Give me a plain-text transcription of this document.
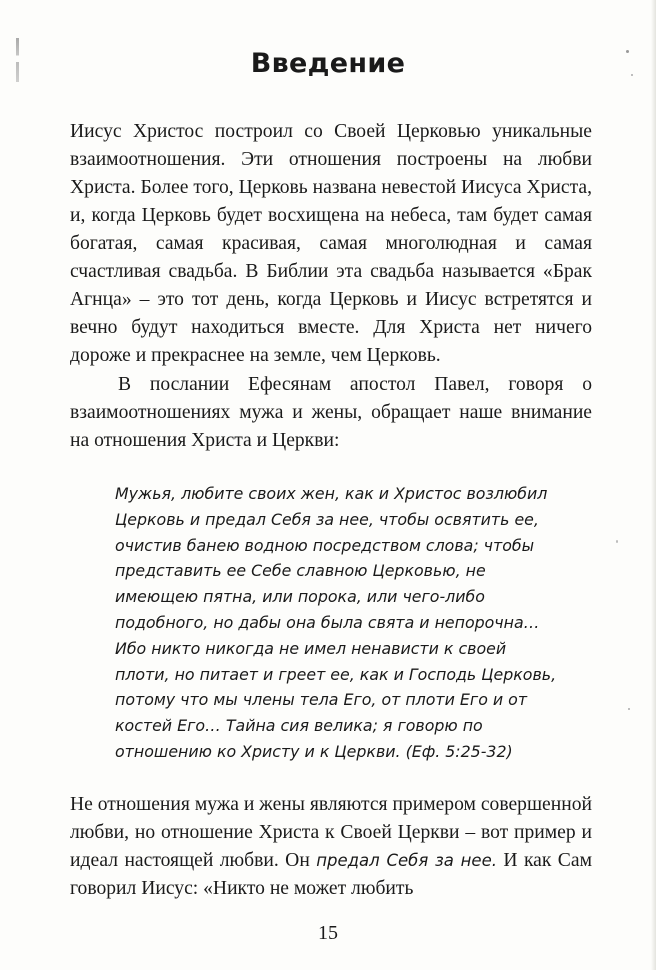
Введение

Иисус Христос построил со Своей Церковью уникальные взаимоотношения. Эти отношения построены на любви Христа. Более того, Церковь названа невестой Иисуса Христа, и, когда Церковь будет восхищена на небеса, там будет самая богатая, самая красивая, самая многолюдная и самая счастливая свадьба. В Библии эта свадьба называется «Брак Агнца» – это тот день, когда Церковь и Иисус встретятся и вечно будут находиться вместе. Для Христа нет ничего дороже и прекраснее на земле, чем Церковь.

В послании Ефесянам апостол Павел, говоря о взаимоотношениях мужа и жены, обращает наше внимание на отношения Христа и Церкви:

Мужья, любите своих жен, как и Христос возлюбил Церковь и предал Себя за нее, чтобы освятить ее, очистив банею водною посредством слова; чтобы представить ее Себе славною Церковью, не имеющею пятна, или порока, или чего-либо подобного, но дабы она была свята и непорочна… Ибо никто никогда не имел ненависти к своей плоти, но питает и греет ее, как и Господь Церковь, потому что мы члены тела Его, от плоти Его и от костей Его… Тайна сия велика; я говорю по отношению ко Христу и к Церкви. (Еф. 5:25-32)

Не отношения мужа и жены являются примером совершенной любви, но отношение Христа к Своей Церкви – вот пример и идеал настоящей любви. Он предал Себя за нее. И как Сам говорил Иисус: «Никто не может любить

15
